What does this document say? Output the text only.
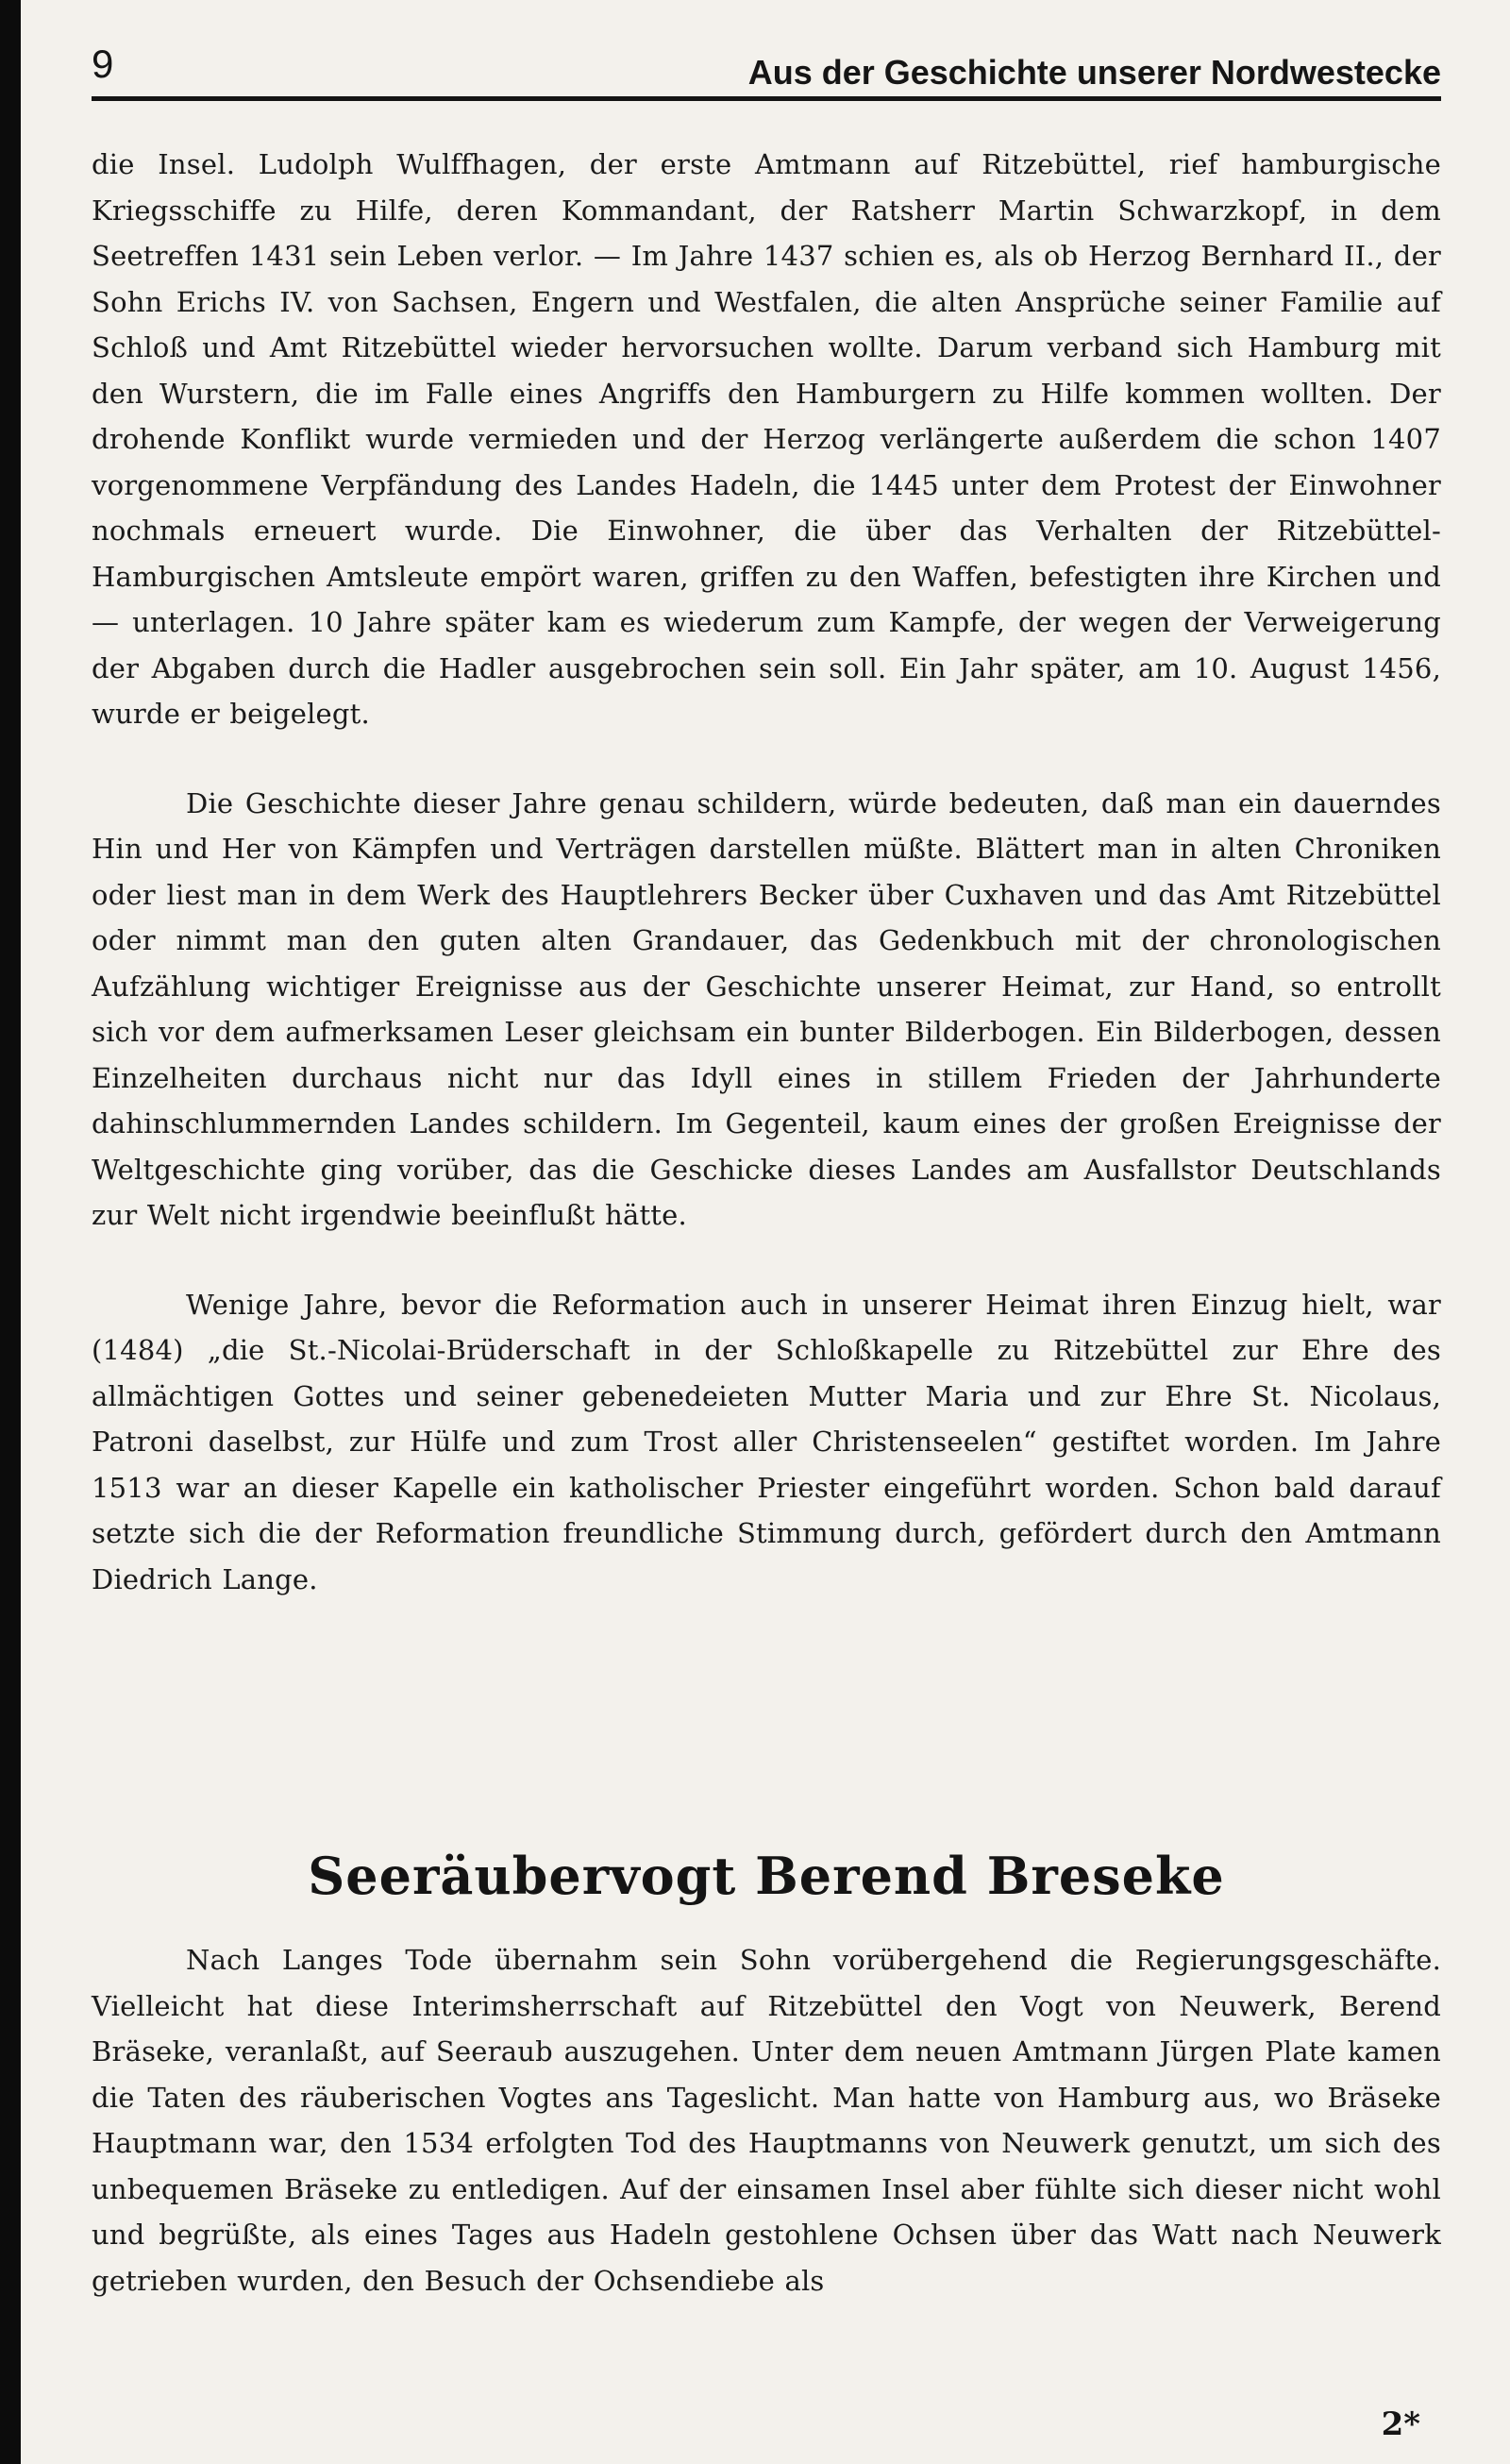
9	Aus der Geschichte unserer Nordwestecke

die Insel. Ludolph Wulffhagen, der erste Amtmann auf Ritzebüttel, rief hamburgische Kriegsschiffe zu Hilfe, deren Kommandant, der Ratsherr Martin Schwarzkopf, in dem Seetreffen 1431 sein Leben verlor. — Im Jahre 1437 schien es, als ob Herzog Bernhard II., der Sohn Erichs IV. von Sachsen, Engern und Westfalen, die alten Ansprüche seiner Familie auf Schloß und Amt Ritzebüttel wieder hervorsuchen wollte. Darum verband sich Hamburg mit den Wurstern, die im Falle eines Angriffs den Hamburgern zu Hilfe kommen wollten. Der drohende Konflikt wurde vermieden und der Herzog verlängerte außerdem die schon 1407 vorgenommene Verpfändung des Landes Hadeln, die 1445 unter dem Protest der Einwohner nochmals erneuert wurde. Die Einwohner, die über das Verhalten der Ritzebüttel-Hamburgischen Amtsleute empört waren, griffen zu den Waffen, befestigten ihre Kirchen und — unterlagen. 10 Jahre später kam es wiederum zum Kampfe, der wegen der Verweigerung der Abgaben durch die Hadler ausgebrochen sein soll. Ein Jahr später, am 10. August 1456, wurde er beigelegt.

Die Geschichte dieser Jahre genau schildern, würde bedeuten, daß man ein dauerndes Hin und Her von Kämpfen und Verträgen darstellen müßte. Blättert man in alten Chroniken oder liest man in dem Werk des Hauptlehrers Becker über Cuxhaven und das Amt Ritzebüttel oder nimmt man den guten alten Grandauer, das Gedenkbuch mit der chronologischen Aufzählung wichtiger Ereignisse aus der Geschichte unserer Heimat, zur Hand, so entrollt sich vor dem aufmerksamen Leser gleichsam ein bunter Bilderbogen. Ein Bilderbogen, dessen Einzelheiten durchaus nicht nur das Idyll eines in stillem Frieden der Jahrhunderte dahinschlummernden Landes schildern. Im Gegenteil, kaum eines der großen Ereignisse der Weltgeschichte ging vorüber, das die Geschicke dieses Landes am Ausfallstor Deutschlands zur Welt nicht irgendwie beeinflußt hätte.

Wenige Jahre, bevor die Reformation auch in unserer Heimat ihren Einzug hielt, war (1484) „die St.-Nicolai-Brüderschaft in der Schloßkapelle zu Ritzebüttel zur Ehre des allmächtigen Gottes und seiner gebenedeieten Mutter Maria und zur Ehre St. Nicolaus, Patroni daselbst, zur Hülfe und zum Trost aller Christenseelen“ gestiftet worden. Im Jahre 1513 war an dieser Kapelle ein katholischer Priester eingeführt worden. Schon bald darauf setzte sich die der Reformation freundliche Stimmung durch, gefördert durch den Amtmann Diedrich Lange.

Seeräubervogt Berend Breseke

Nach Langes Tode übernahm sein Sohn vorübergehend die Regierungsgeschäfte. Vielleicht hat diese Interimsherrschaft auf Ritzebüttel den Vogt von Neuwerk, Berend Bräseke, veranlaßt, auf Seeraub auszugehen. Unter dem neuen Amtmann Jürgen Plate kamen die Taten des räuberischen Vogtes ans Tageslicht. Man hatte von Hamburg aus, wo Bräseke Hauptmann war, den 1534 erfolgten Tod des Hauptmanns von Neuwerk genutzt, um sich des unbequemen Bräseke zu entledigen. Auf der einsamen Insel aber fühlte sich dieser nicht wohl und begrüßte, als eines Tages aus Hadeln gestohlene Ochsen über das Watt nach Neuwerk getrieben wurden, den Besuch der Ochsendiebe als

2*
